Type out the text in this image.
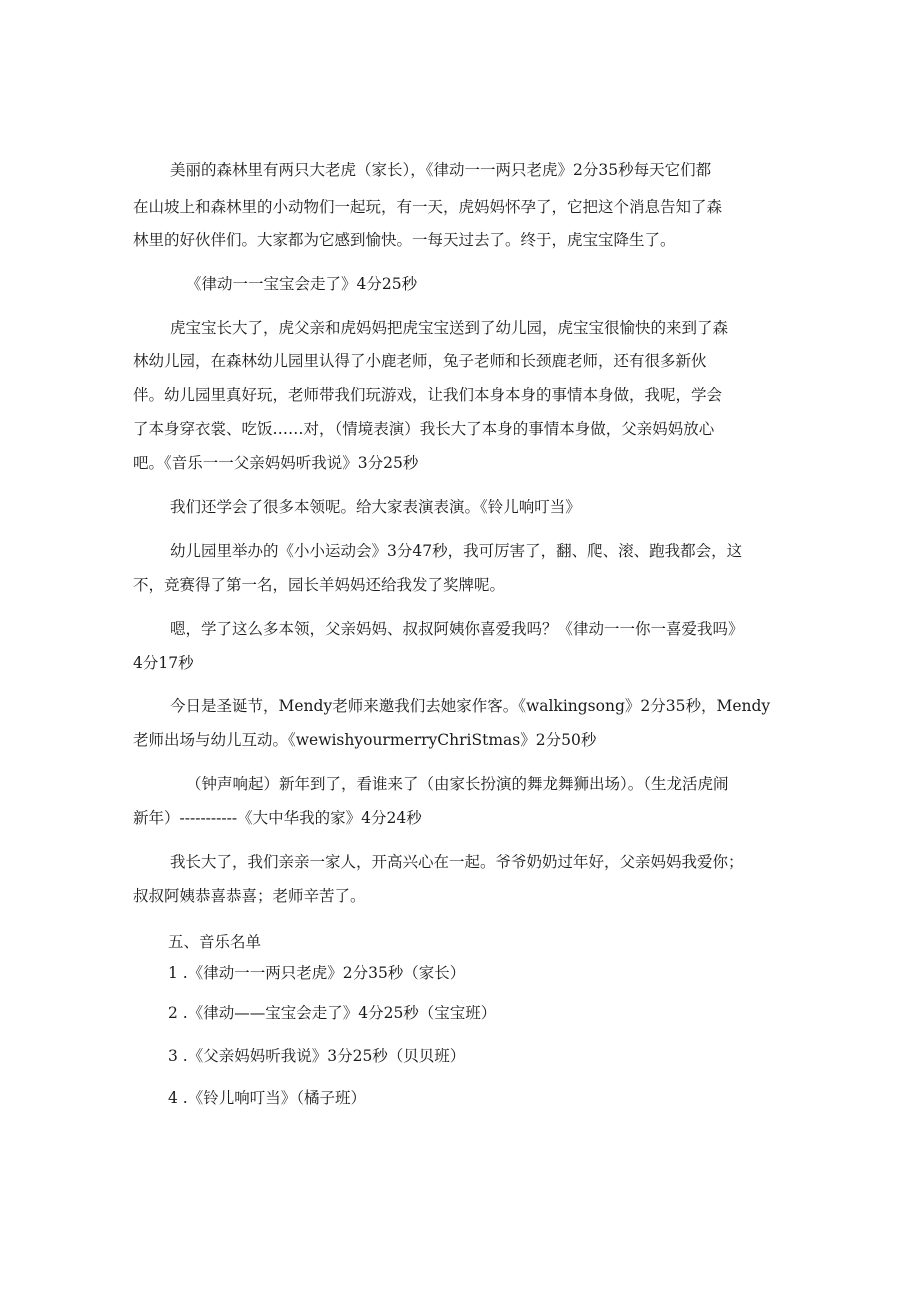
美丽的森林里有两只大老虎（家长），《律动一一两只老虎》2分35秒每天它们都
在山坡上和森林里的小动物们一起玩，有一天，虎妈妈怀孕了，它把这个消息告知了森
林里的好伙伴们。大家都为它感到愉快。一每天过去了。终于，虎宝宝降生了。
《律动一一宝宝会走了》4分25秒
虎宝宝长大了，虎父亲和虎妈妈把虎宝宝送到了幼儿园，虎宝宝很愉快的来到了森
林幼儿园，在森林幼儿园里认得了小鹿老师，兔子老师和长颈鹿老师，还有很多新伙
伴。幼儿园里真好玩，老师带我们玩游戏，让我们本身本身的事情本身做，我呢，学会
了本身穿衣裳、吃饭……对，（情境表演）我长大了本身的事情本身做，父亲妈妈放心
吧。《音乐一一父亲妈妈听我说》3分25秒
我们还学会了很多本领呢。给大家表演表演。《铃儿响叮当》
幼儿园里举办的《小小运动会》3分47秒，我可厉害了，翻、爬、滚、跑我都会，这
不，竞赛得了第一名，园长羊妈妈还给我发了奖牌呢。
嗯，学了这么多本领，父亲妈妈、叔叔阿姨你喜爱我吗？《律动一一你一喜爱我吗》
4分17秒
今日是圣诞节，Mendy老师来邀我们去她家作客。《walkingsong》2分35秒，Mendy
老师出场与幼儿互动。《wewishyourmerryChriStmas》2分50秒
（钟声响起）新年到了，看谁来了（由家长扮演的舞龙舞狮出场）。（生龙活虎闹
新年）-----------《大中华我的家》4分24秒
我长大了，我们亲亲一家人，开高兴心在一起。爷爷奶奶过年好，父亲妈妈我爱你；
叔叔阿姨恭喜恭喜；老师辛苦了。
五、音乐名单
1 .《律动一一两只老虎》2分35秒（家长）
2 .《律动——宝宝会走了》4分25秒（宝宝班）
3 .《父亲妈妈听我说》3分25秒（贝贝班）
4 .《铃儿响叮当》（橘子班）
